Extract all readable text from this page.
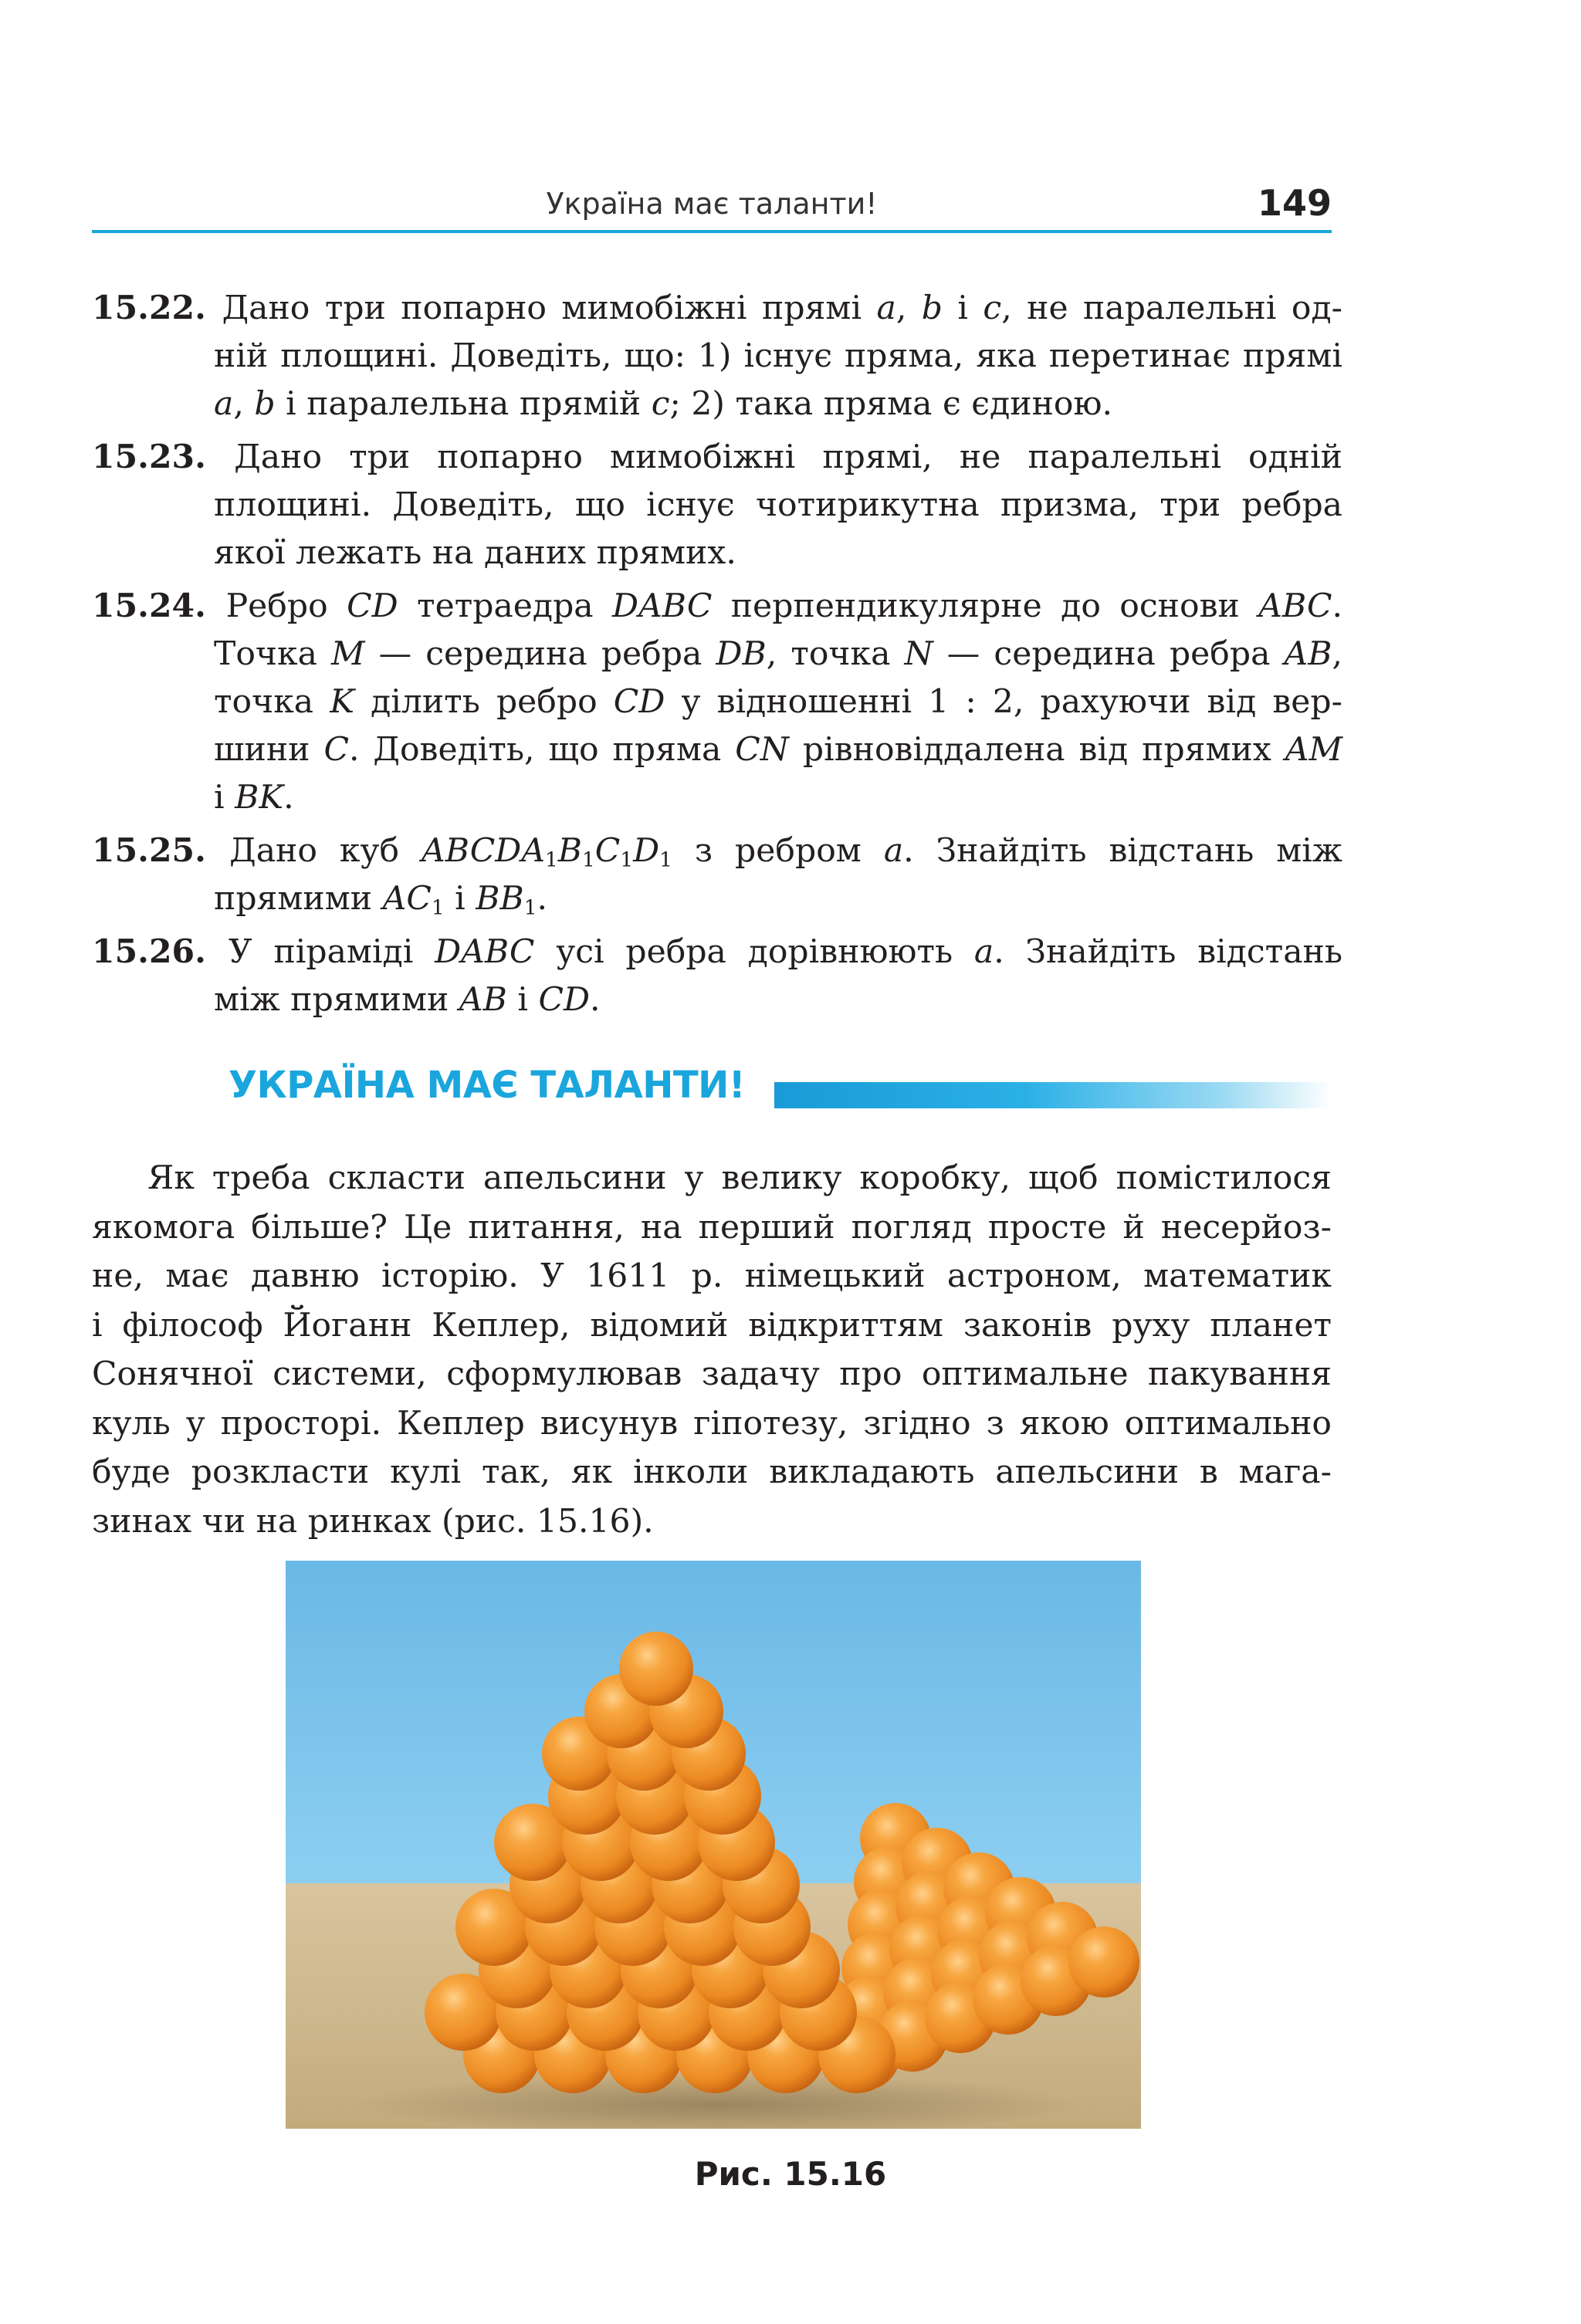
Україна має таланти!	149
15.22. Дано три попарно мимобіжні прямі a, b і c, не паралельні од-
ній площині. Доведіть, що: 1) існує пряма, яка перетинає прямі
a, b і паралельна прямій c; 2) така пряма є єдиною.
15.23. Дано три попарно мимобіжні прямі, не паралельні одній
площині. Доведіть, що існує чотирикутна призма, три ребра
якої лежать на даних прямих.
15.24. Ребро CD тетраедра DABC перпендикулярне до основи ABC.
Точка M — середина ребра DB, точка N — середина ребра AB,
точка K ділить ребро CD у відношенні 1 : 2, рахуючи від вер-
шини C. Доведіть, що пряма CN рівновіддалена від прямих AM
і BK.
15.25. Дано куб $ABCDA_1B_1C_1D_1$ з ребром a. Знайдіть відстань між
прямими $AC_1$ і $BB_1$.
15.26. У піраміді DABC усі ребра дорівнюють a. Знайдіть відстань
між прямими AB і CD.
УКРАЇНА МАЄ ТАЛАНТИ!
Як треба скласти апельсини у велику коробку, щоб помістилося
якомога більше? Це питання, на перший погляд просте й несерйоз-
не, має давню історію. У 1611 р. німецький астроном, математик
і філософ Йоганн Кеплер, відомий відкриттям законів руху планет
Сонячної системи, сформулював задачу про оптимальне пакування
куль у просторі. Кеплер висунув гіпотезу, згідно з якою оптимально
буде розкласти кулі так, як інколи викладають апельсини в мага-
зинах чи на ринках (рис. 15.16).
Рис. 15.16
